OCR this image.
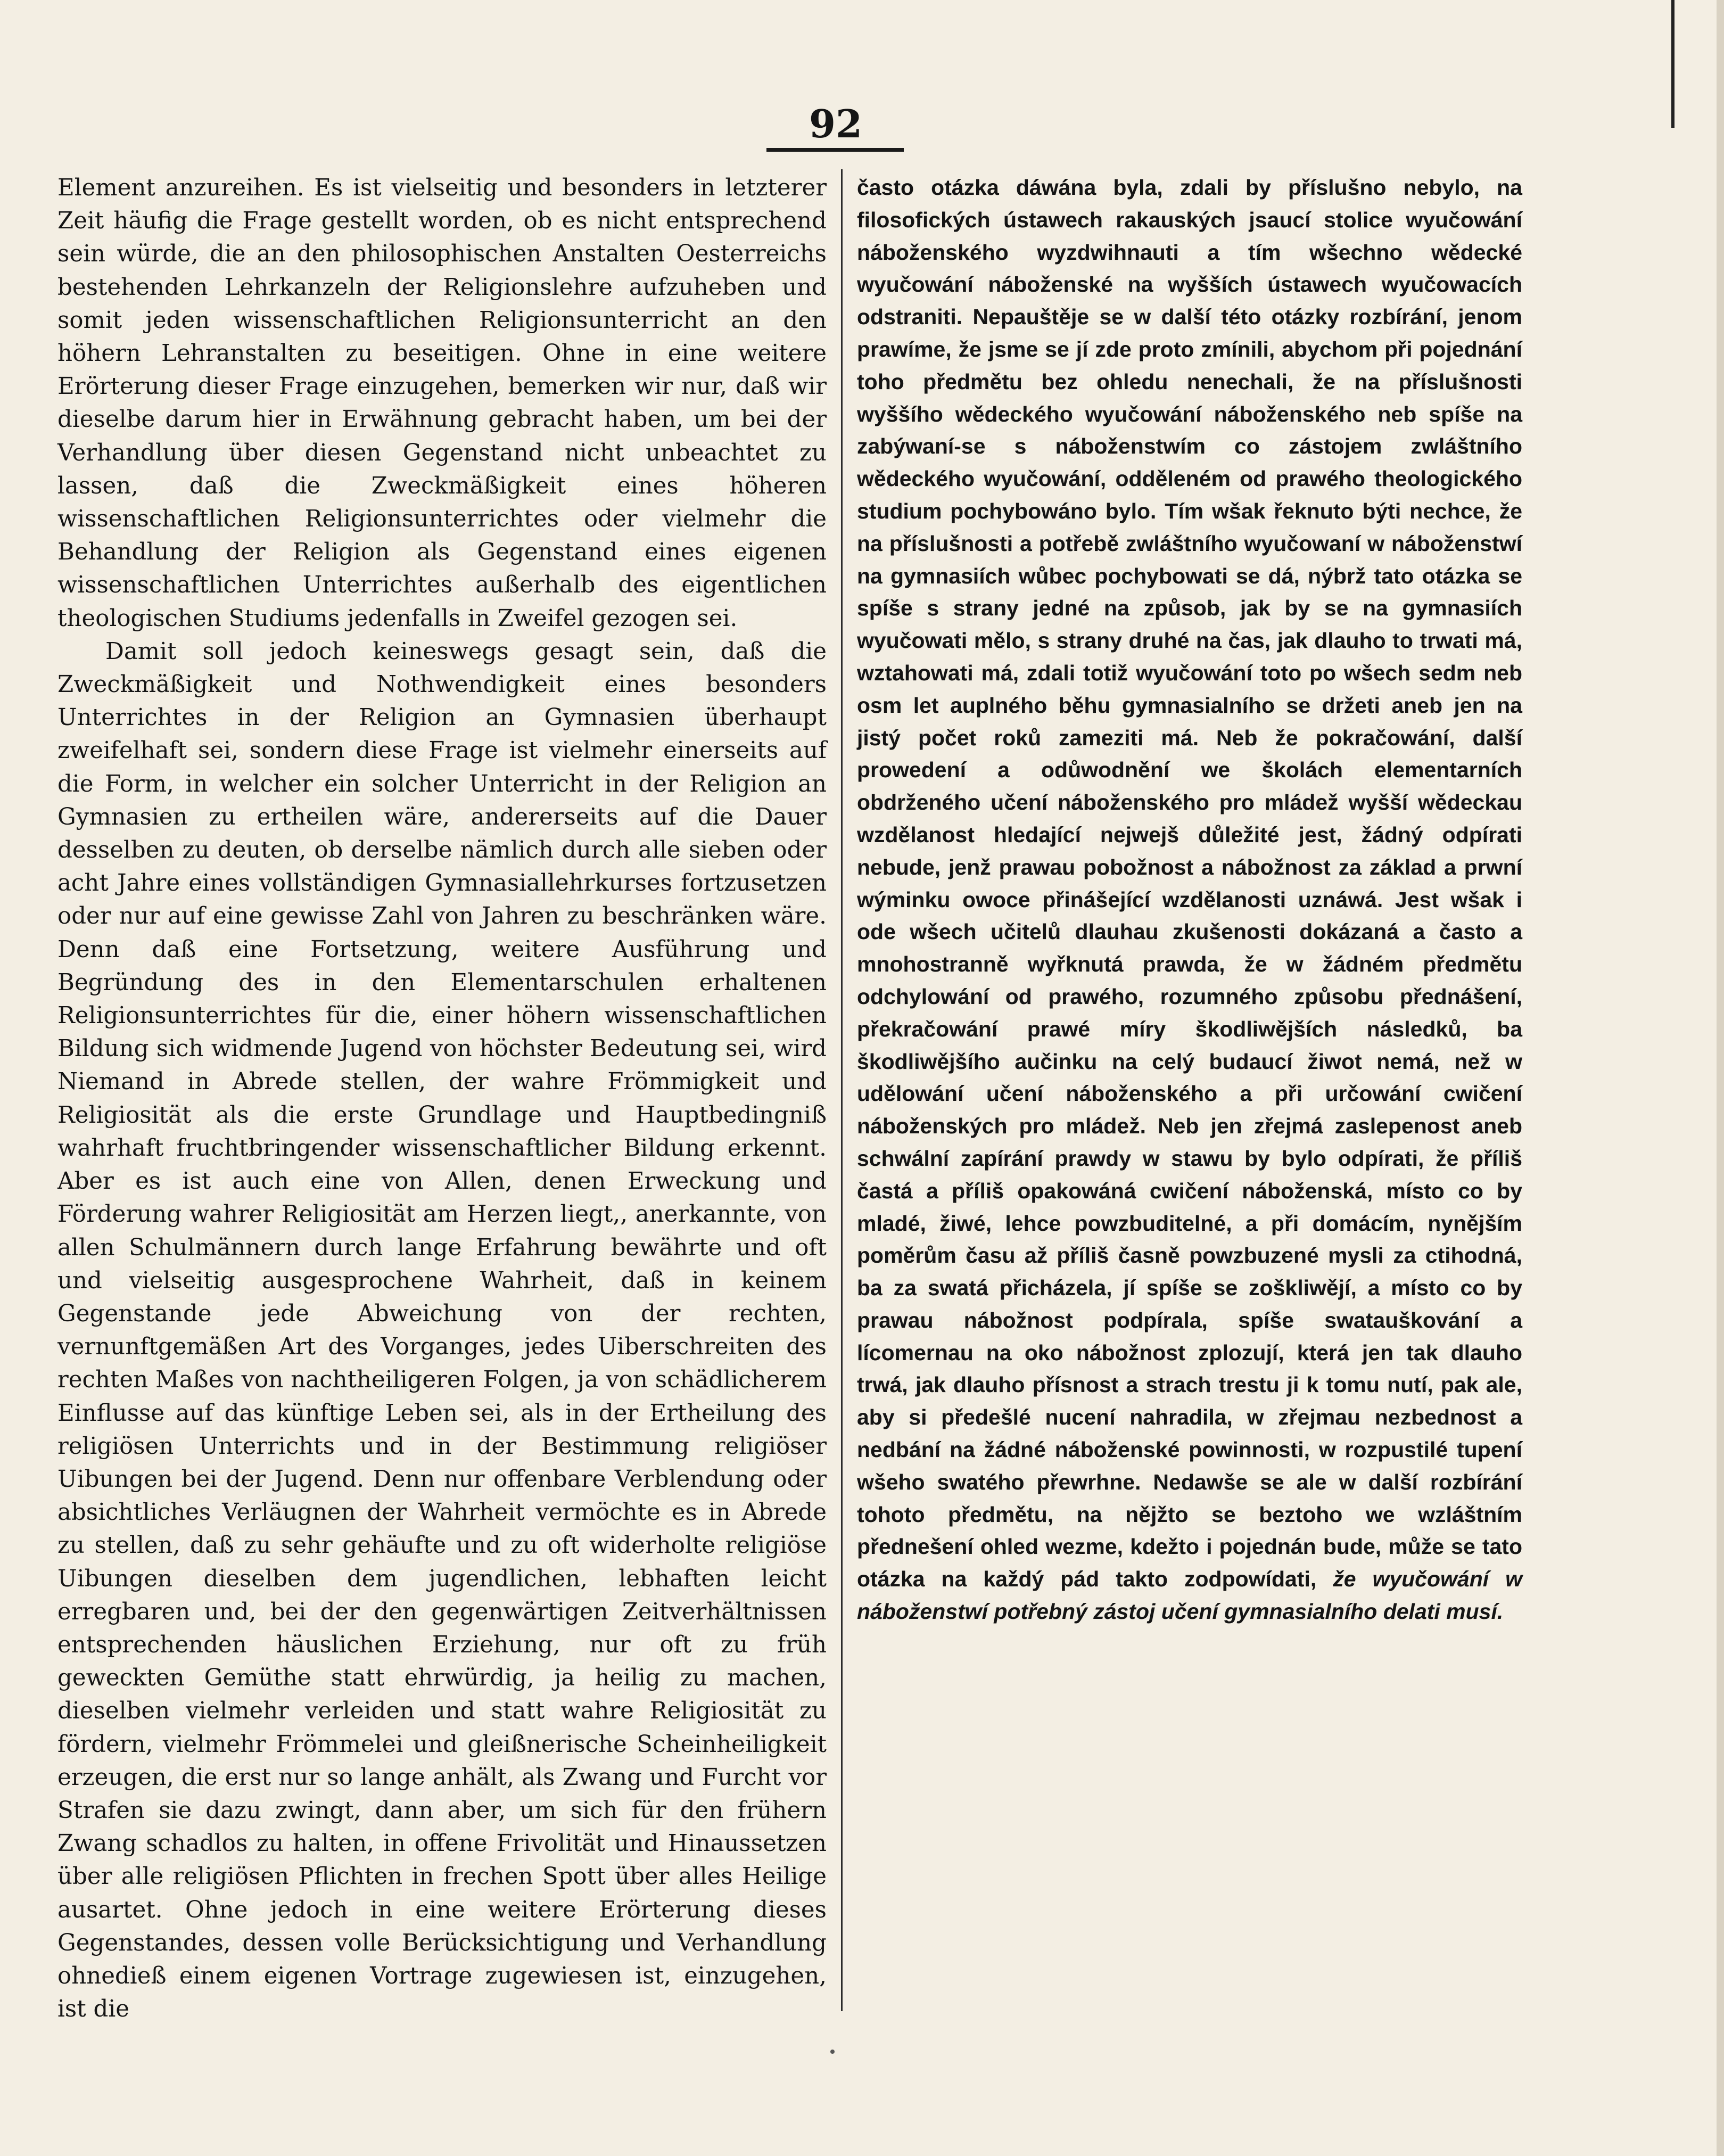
92

Element anzureihen. Es ist vielseitig und besonders in letzterer Zeit häufig die Frage gestellt worden, ob es nicht entsprechend sein würde, die an den philosophischen Anstalten Oesterreichs bestehenden Lehrkanzeln der Religionslehre aufzuheben und somit jeden wissenschaftlichen Religionsunterricht an den höhern Lehranstalten zu beseitigen. Ohne in eine weitere Erörterung dieser Frage einzugehen, bemerken wir nur, daß wir dieselbe darum hier in Erwähnung gebracht haben, um bei der Verhandlung über diesen Gegenstand nicht unbeachtet zu lassen, daß die Zweckmäßigkeit eines höheren wissenschaftlichen Religionsunterrichtes oder vielmehr die Behandlung der Religion als Gegenstand eines eigenen wissenschaftlichen Unterrichtes außerhalb des eigentlichen theologischen Studiums jedenfalls in Zweifel gezogen sei.

Damit soll jedoch keineswegs gesagt sein, daß die Zweckmäßigkeit und Nothwendigkeit eines besonders Unterrichtes in der Religion an Gymnasien überhaupt zweifelhaft sei, sondern diese Frage ist vielmehr einerseits auf die Form, in welcher ein solcher Unterricht in der Religion an Gymnasien zu ertheilen wäre, andererseits auf die Dauer desselben zu deuten, ob derselbe nämlich durch alle sieben oder acht Jahre eines vollständigen Gymnasiallehrkurses fortzusetzen oder nur auf eine gewisse Zahl von Jahren zu beschränken wäre. Denn daß eine Fortsetzung, weitere Ausführung und Begründung des in den Elementarschulen erhaltenen Religionsunterrichtes für die, einer höhern wissenschaftlichen Bildung sich widmende Jugend von höchster Bedeutung sei, wird Niemand in Abrede stellen, der wahre Frömmigkeit und Religiosität als die erste Grundlage und Hauptbedingniß wahrhaft fruchtbringender wissenschaftlicher Bildung erkennt. Aber es ist auch eine von Allen, denen Erweckung und Förderung wahrer Religiosität am Herzen liegt,, anerkannte, von allen Schulmännern durch lange Erfahrung bewährte und oft und vielseitig ausgesprochene Wahrheit, daß in keinem Gegenstande jede Abweichung von der rechten, vernunftgemäßen Art des Vorganges, jedes Uiberschreiten des rechten Maßes von nachtheiligeren Folgen, ja von schädlicherem Einflusse auf das künftige Leben sei, als in der Ertheilung des religiösen Unterrichts und in der Bestimmung religiöser Uibungen bei der Jugend. Denn nur offenbare Verblendung oder absichtliches Verläugnen der Wahrheit vermöchte es in Abrede zu stellen, daß zu sehr gehäufte und zu oft widerholte religiöse Uibungen dieselben dem jugendlichen, lebhaften leicht erregbaren und, bei der den gegenwärtigen Zeitverhältnissen entsprechenden häuslichen Erziehung, nur oft zu früh geweckten Gemüthe statt ehrwürdig, ja heilig zu machen, dieselben vielmehr verleiden und statt wahre Religiosität zu fördern, vielmehr Frömmelei und gleißnerische Scheinheiligkeit erzeugen, die erst nur so lange anhält, als Zwang und Furcht vor Strafen sie dazu zwingt, dann aber, um sich für den frühern Zwang schadlos zu halten, in offene Frivolität und Hinaussetzen über alle religiösen Pflichten in frechen Spott über alles Heilige ausartet. Ohne jedoch in eine weitere Erörterung dieses Gegenstandes, dessen volle Berücksichtigung und Verhandlung ohnedieß einem eigenen Vortrage zugewiesen ist, einzugehen, ist die

často otázka dáwána byla, zdali by příslušno nebylo, na filosofických ústawech rakauských jsaucí stolice wyučowání náboženského wyzdwihnauti a tím wšechno wědecké wyučowání náboženské na wyšších ústawech wyučowacích odstraniti. Nepauštěje se w další této otázky rozbírání, jenom prawíme, že jsme se jí zde proto zmínili, abychom při pojednání toho předmětu bez ohledu nenechali, že na příslušnosti wyššího wědeckého wyučowání náboženského neb spíše na zabýwaní-se s náboženstwím co zástojem zwláštního wědeckého wyučowání, odděleném od prawého theologického studium pochybowáno bylo. Tím wšak řeknuto býti nechce, že na příslušnosti a potřebě zwláštního wyučowaní w náboženstwí na gymnasiích wůbec pochybowati se dá, nýbrž tato otázka se spíše s strany jedné na způsob, jak by se na gymnasiích wyučowati mělo, s strany druhé na čas, jak dlauho to trwati má, wztahowati má, zdali totiž wyučowání toto po wšech sedm neb osm let auplného běhu gymnasialního se držeti aneb jen na jistý počet roků zameziti má. Neb že pokračowání, další prowedení a odůwodnění we školách elementarních obdrženého učení náboženského pro mládež wyšší wědeckau wzdělanost hledající nejwejš důležité jest, žádný odpírati nebude, jenž prawau pobožnost a nábožnost za základ a prwní wýminku owoce přinášející wzdělanosti uznáwá. Jest wšak i ode wšech učitelů dlauhau zkušenosti dokázaná a často a mnohostranně wyřknutá prawda, že w žádném předmětu odchylowání od prawého, rozumného způsobu přednášení, překračowání prawé míry škodliwějších následků, ba škodliwějšího aučinku na celý budaucí žiwot nemá, než w udělowání učení náboženského a při určowání cwičení náboženských pro mládež. Neb jen zřejmá zaslepenost aneb schwální zapírání prawdy w stawu by bylo odpírati, že příliš častá a příliš opakowáná cwičení náboženská, místo co by mladé, žiwé, lehce powzbuditelné, a při domácím, nynějším poměrům času až příliš časně powzbuzené mysli za ctihodná, ba za swatá přicházela, jí spíše se zoškliwějí, a místo co by prawau nábožnost podpírala, spíše swatauškování a lícomernau na oko nábožnost zplozují, která jen tak dlauho trwá, jak dlauho přísnost a strach trestu ji k tomu nutí, pak ale, aby si předešlé nucení nahradila, w zřejmau nezbednost a nedbání na žádné náboženské powinnosti, w rozpustilé tupení wšeho swatého přewrhne. Nedawše se ale w další rozbírání tohoto předmětu, na nějžto se beztoho we wzláštním přednešení ohled wezme, kdežto i pojednán bude, může se tato otázka na každý pád takto zodpowídati, že wyučowání w náboženstwí potřebný zástoj učení gymnasialního delati musí.
